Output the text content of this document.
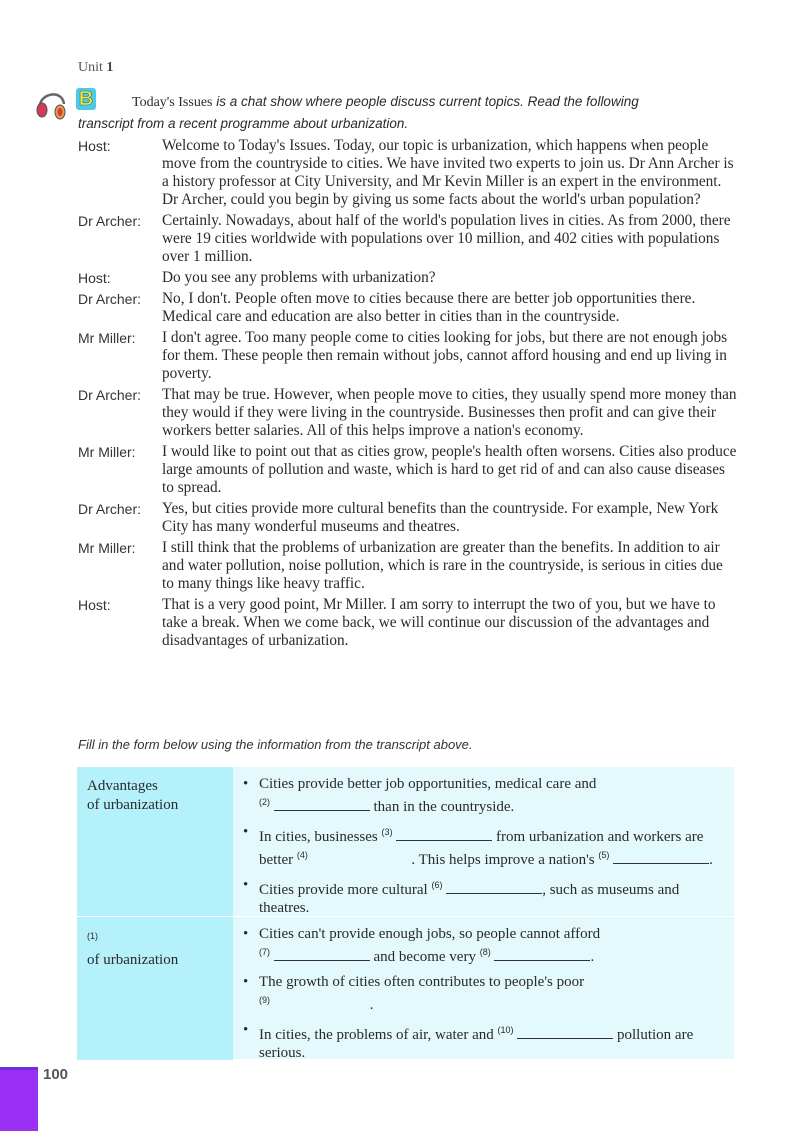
Unit 1
B	Today's Issues is a chat show where people discuss current topics. Read the following
transcript from a recent programme about urbanization.
Host:	Welcome to Today's Issues. Today, our topic is urbanization, which happens when people move from the countryside to cities. We have invited two experts to join us. Dr Ann Archer is a history professor at City University, and Mr Kevin Miller is an expert in the environment. Dr Archer, could you begin by giving us some facts about the world's urban population?
Dr Archer:	Certainly. Nowadays, about half of the world's population lives in cities. As from 2000, there were 19 cities worldwide with populations over 10 million, and 402 cities with populations over 1 million.
Host:	Do you see any problems with urbanization?
Dr Archer:	No, I don't. People often move to cities because there are better job opportunities there. Medical care and education are also better in cities than in the countryside.
Mr Miller:	I don't agree. Too many people come to cities looking for jobs, but there are not enough jobs for them. These people then remain without jobs, cannot afford housing and end up living in poverty.
Dr Archer:	That may be true. However, when people move to cities, they usually spend more money than they would if they were living in the countryside. Businesses then profit and can give their workers better salaries. All of this helps improve a nation's economy.
Mr Miller:	I would like to point out that as cities grow, people's health often worsens. Cities also produce large amounts of pollution and waste, which is hard to get rid of and can also cause diseases to spread.
Dr Archer:	Yes, but cities provide more cultural benefits than the countryside. For example, New York City has many wonderful museums and theatres.
Mr Miller:	I still think that the problems of urbanization are greater than the benefits. In addition to air and water pollution, noise pollution, which is rare in the countryside, is serious in cities due to many things like heavy traffic.
Host:	That is a very good point, Mr Miller. I am sorry to interrupt the two of you, but we have to take a break. When we come back, we will continue our discussion of the advantages and disadvantages of urbanization.
Fill in the form below using the information from the transcript above.
Advantages
of urbanization
• Cities provide better job opportunities, medical care and
$^{(2)}$	than in the countryside.
• In cities, businesses $^{(3)}$	from urbanization and workers are better $^{(4)}$	. This helps improve a nation's $^{(5)}$	.
• Cities provide more cultural $^{(6)}$	, such as museums and theatres.
$^{(1)}$
of urbanization
• Cities can't provide enough jobs, so people cannot afford
$^{(7)}$	and become very $^{(8)}$	.
• The growth of cities often contributes to people's poor
$^{(9)}$	.
• In cities, the problems of air, water and $^{(10)}$	pollution are serious.
100
